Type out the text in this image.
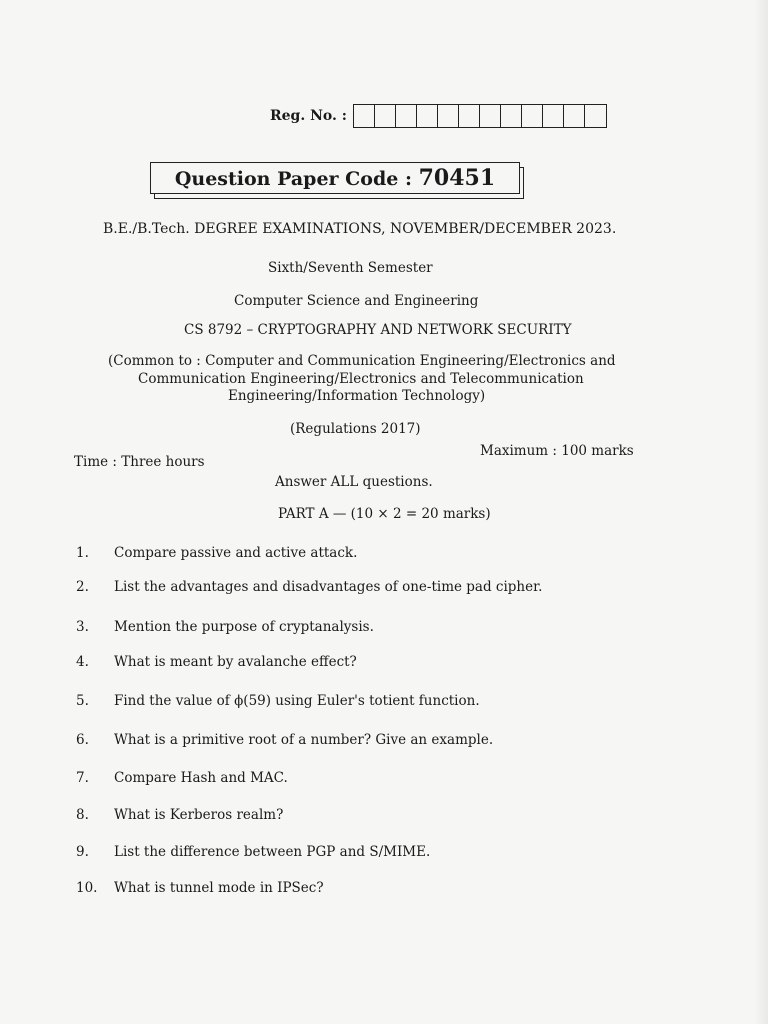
Reg. No. :
Question Paper Code : 70451
B.E./B.Tech. DEGREE EXAMINATIONS, NOVEMBER/DECEMBER 2023.
Sixth/Seventh Semester
Computer Science and Engineering
CS 8792 – CRYPTOGRAPHY AND NETWORK SECURITY
(Common to : Computer and Communication Engineering/Electronics and
Communication Engineering/Electronics and Telecommunication
Engineering/Information Technology)
(Regulations 2017)
Time : Three hours
Maximum : 100 marks
Answer ALL questions.
PART A — (10 × 2 = 20 marks)
1.	Compare passive and active attack.
2.	List the advantages and disadvantages of one-time pad cipher.
3.	Mention the purpose of cryptanalysis.
4.	What is meant by avalanche effect?
5.	Find the value of ϕ(59) using Euler's totient function.
6.	What is a primitive root of a number? Give an example.
7.	Compare Hash and MAC.
8.	What is Kerberos realm?
9.	List the difference between PGP and S/MIME.
10.	What is tunnel mode in IPSec?
